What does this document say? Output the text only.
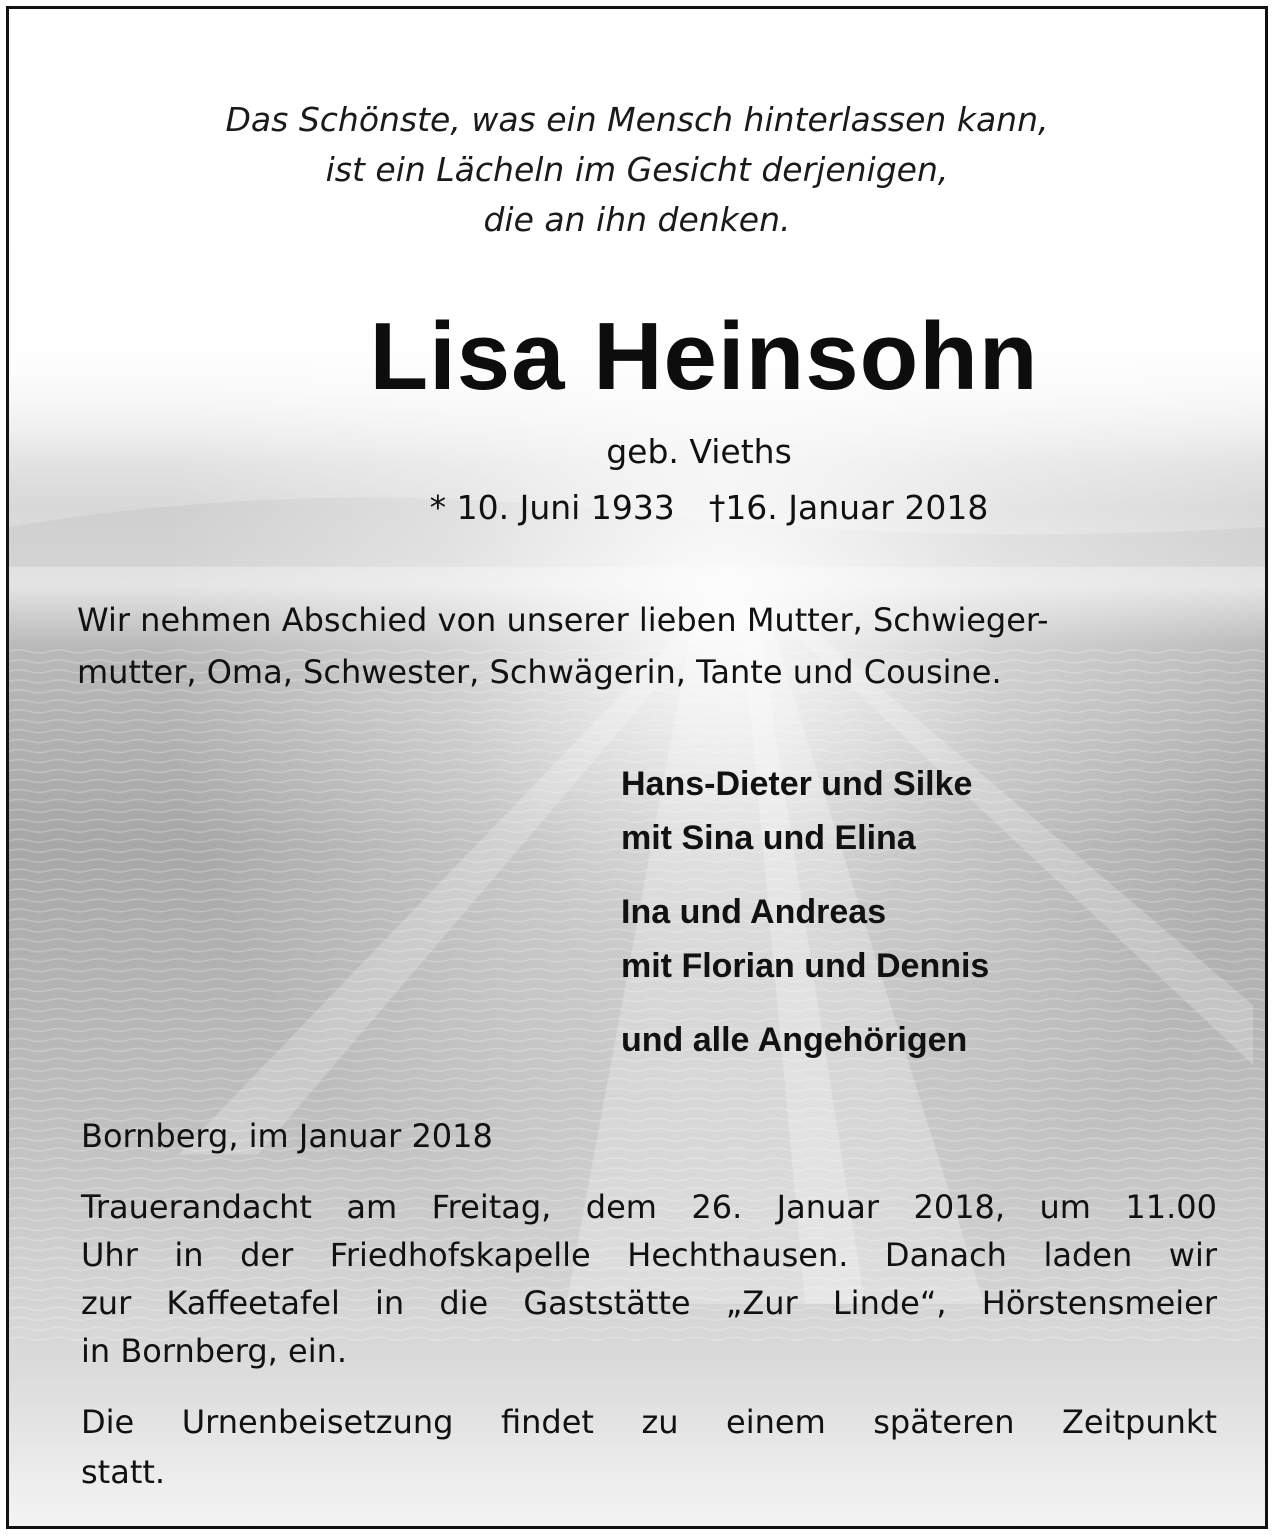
Das Schönste, was ein Mensch hinterlassen kann,
ist ein Lächeln im Gesicht derjenigen,
die an ihn denken.
Lisa Heinsohn
geb. Vieths
* 10. Juni 1933 †16. Januar 2018
Wir nehmen Abschied von unserer lieben Mutter, Schwieger-
mutter, Oma, Schwester, Schwägerin, Tante und Cousine.
Hans-Dieter und Silke
mit Sina und Elina
Ina und Andreas
mit Florian und Dennis
und alle Angehörigen
Bornberg, im Januar 2018
Trauerandacht am Freitag, dem 26. Januar 2018, um 11.00
Uhr in der Friedhofskapelle Hechthausen. Danach laden wir
zur Kaffeetafel in die Gaststätte „Zur Linde“, Hörstensmeier
in Bornberg, ein.
Die Urnenbeisetzung findet zu einem späteren Zeitpunkt
statt.
